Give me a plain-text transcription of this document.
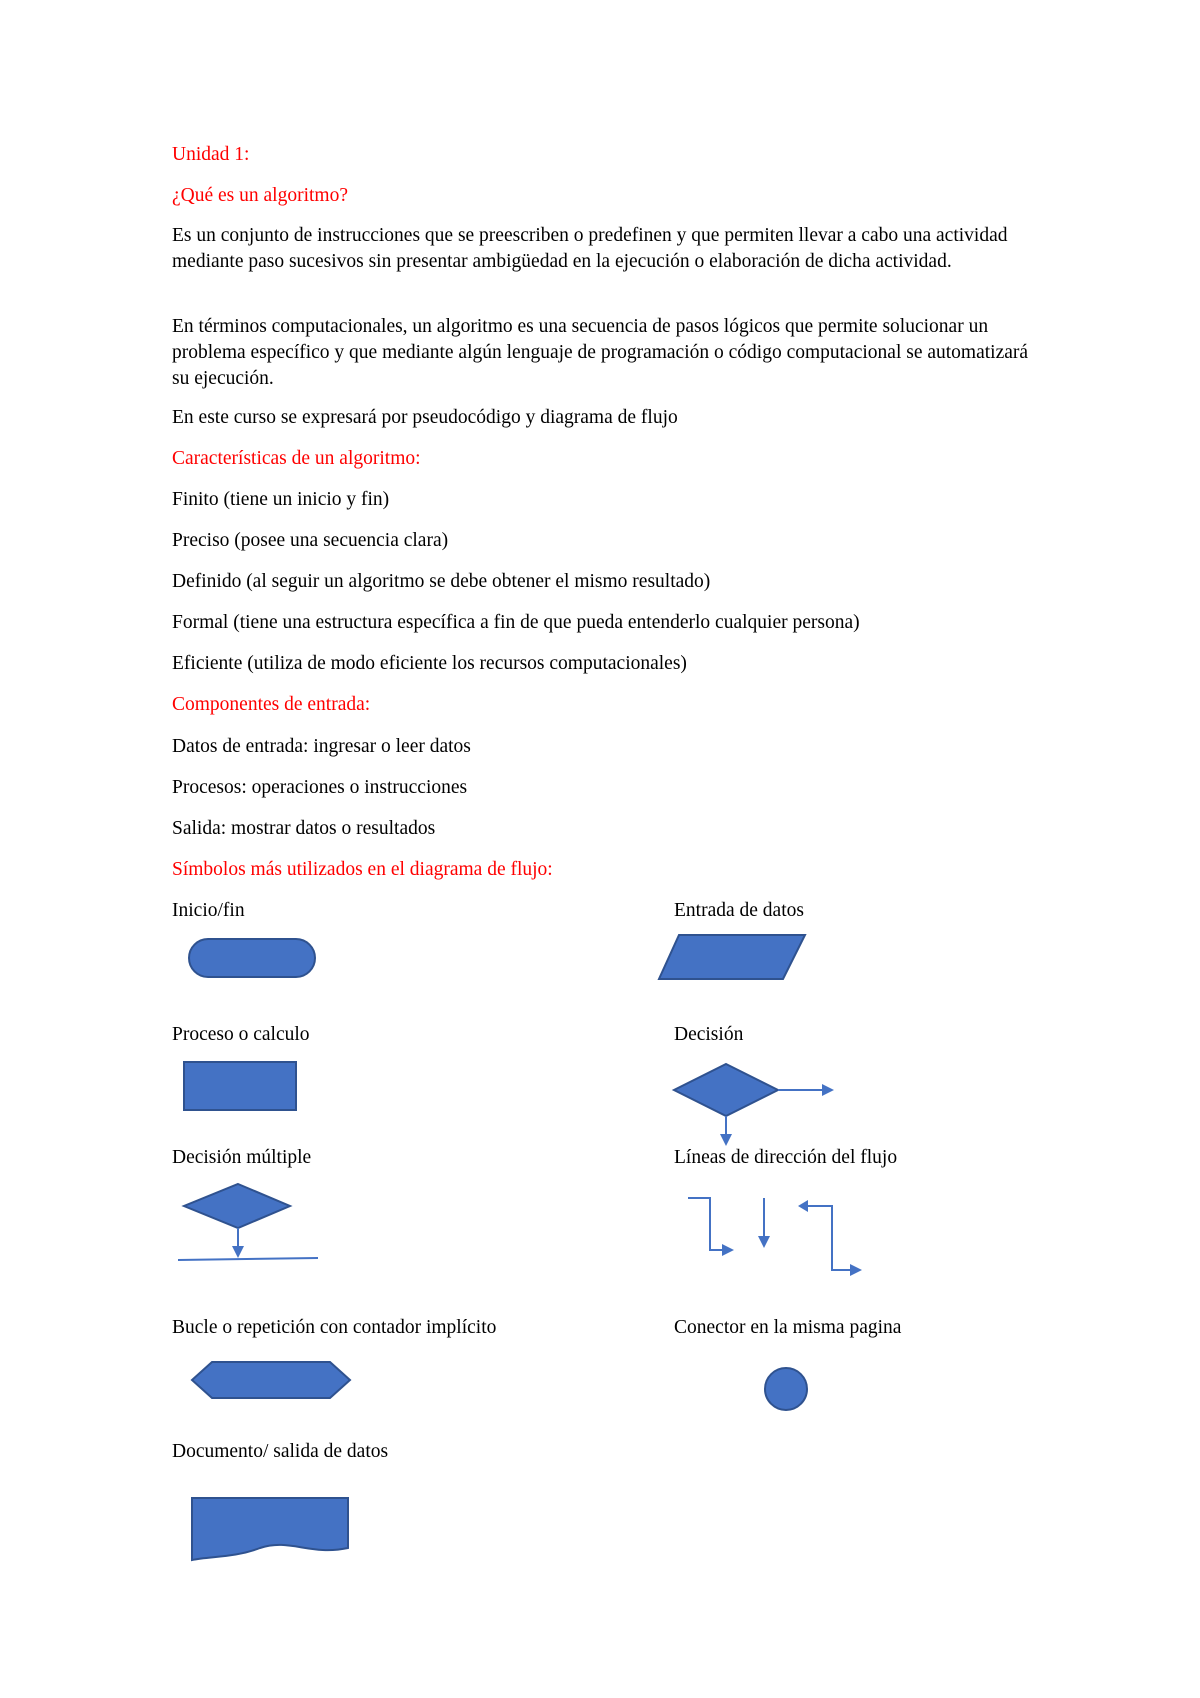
Unidad 1:

¿Qué es un algoritmo?

Es un conjunto de instrucciones que se preescriben o predefinen y que permiten llevar a cabo una actividad mediante paso sucesivos sin presentar ambigüedad en la ejecución o elaboración de dicha actividad.

En términos computacionales, un algoritmo es una secuencia de pasos lógicos que permite solucionar un problema específico y que mediante algún lenguaje de programación o código computacional se automatizará su ejecución.

En este curso se expresará por pseudocódigo y diagrama de flujo

Características de un algoritmo:

Finito (tiene un inicio y fin)

Preciso (posee una secuencia clara)

Definido (al seguir un algoritmo se debe obtener el mismo resultado)

Formal (tiene una estructura específica a fin de que pueda entenderlo cualquier persona)

Eficiente (utiliza de modo eficiente los recursos computacionales)

Componentes de entrada:

Datos de entrada: ingresar o leer datos

Procesos: operaciones o instrucciones

Salida: mostrar datos o resultados

Símbolos más utilizados en el diagrama de flujo:

Inicio/fin	Entrada de datos

Proceso o calculo	Decisión

Decisión múltiple	Líneas de dirección del flujo

Bucle o repetición con contador implícito	Conector en la misma pagina

Documento/ salida de datos
